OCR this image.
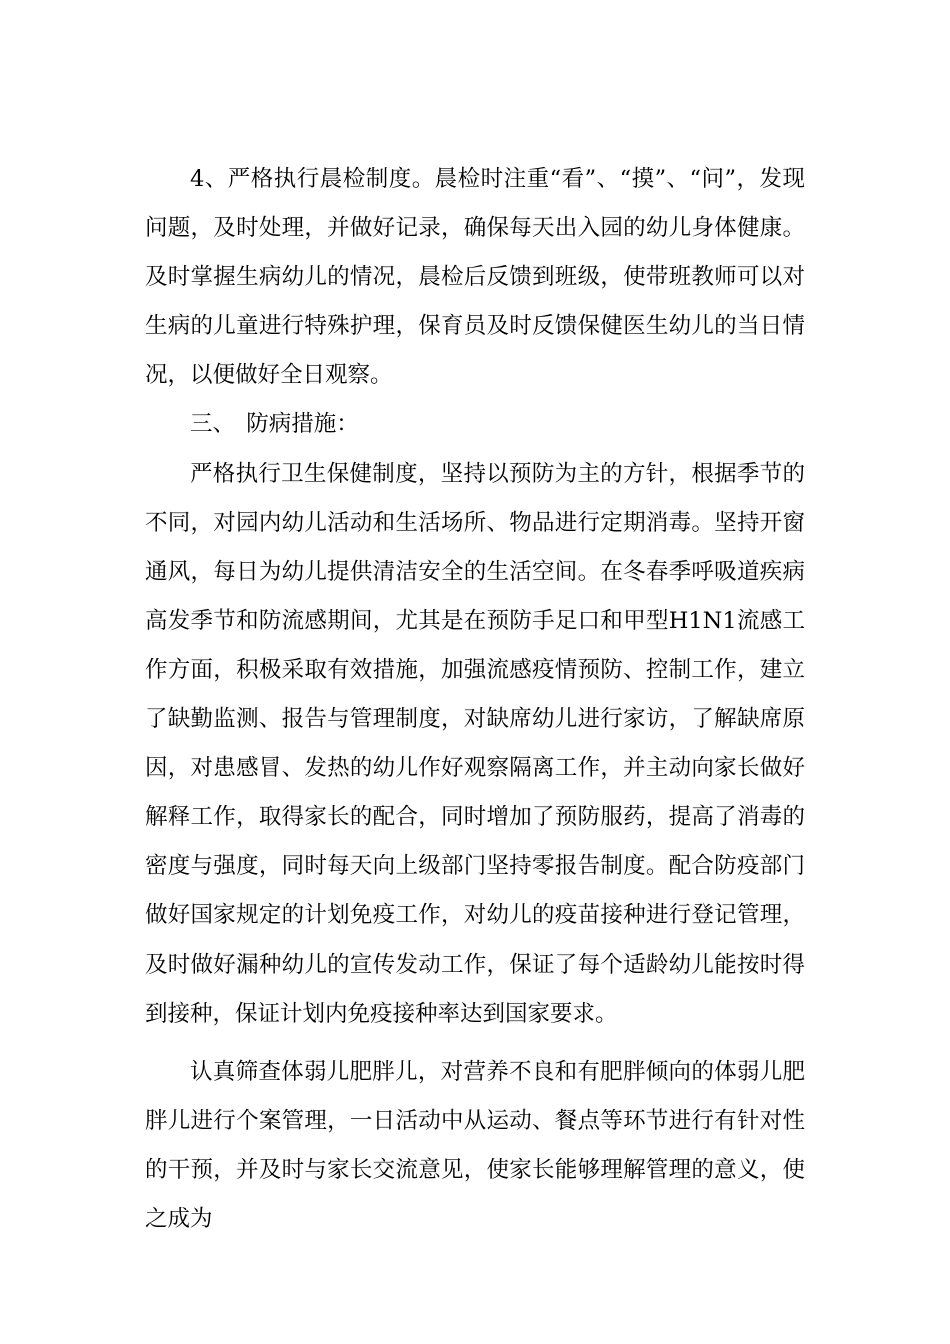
4、严格执行晨检制度。晨检时注重“看”、“摸”、“问”，发现问题，及时处理，并做好记录，确保每天出入园的幼儿身体健康。及时掌握生病幼儿的情况，晨检后反馈到班级，使带班教师可以对生病的儿童进行特殊护理，保育员及时反馈保健医生幼儿的当日情况，以便做好全日观察。

三、　防病措施：

严格执行卫生保健制度，坚持以预防为主的方针，根据季节的不同，对园内幼儿活动和生活场所、物品进行定期消毒。坚持开窗通风，每日为幼儿提供清洁安全的生活空间。在冬春季呼吸道疾病高发季节和防流感期间，尤其是在预防手足口和甲型H1N1流感工作方面，积极采取有效措施，加强流感疫情预防、控制工作，建立了缺勤监测、报告与管理制度，对缺席幼儿进行家访，了解缺席原因，对患感冒、发热的幼儿作好观察隔离工作，并主动向家长做好解释工作，取得家长的配合，同时增加了预防服药，提高了消毒的密度与强度，同时每天向上级部门坚持零报告制度。配合防疫部门做好国家规定的计划免疫工作，对幼儿的疫苗接种进行登记管理，及时做好漏种幼儿的宣传发动工作，保证了每个适龄幼儿能按时得到接种，保证计划内免疫接种率达到国家要求。

认真筛查体弱儿肥胖儿，对营养不良和有肥胖倾向的体弱儿肥胖儿进行个案管理，一日活动中从运动、餐点等环节进行有针对性的干预，并及时与家长交流意见，使家长能够理解管理的意义，使之成为
